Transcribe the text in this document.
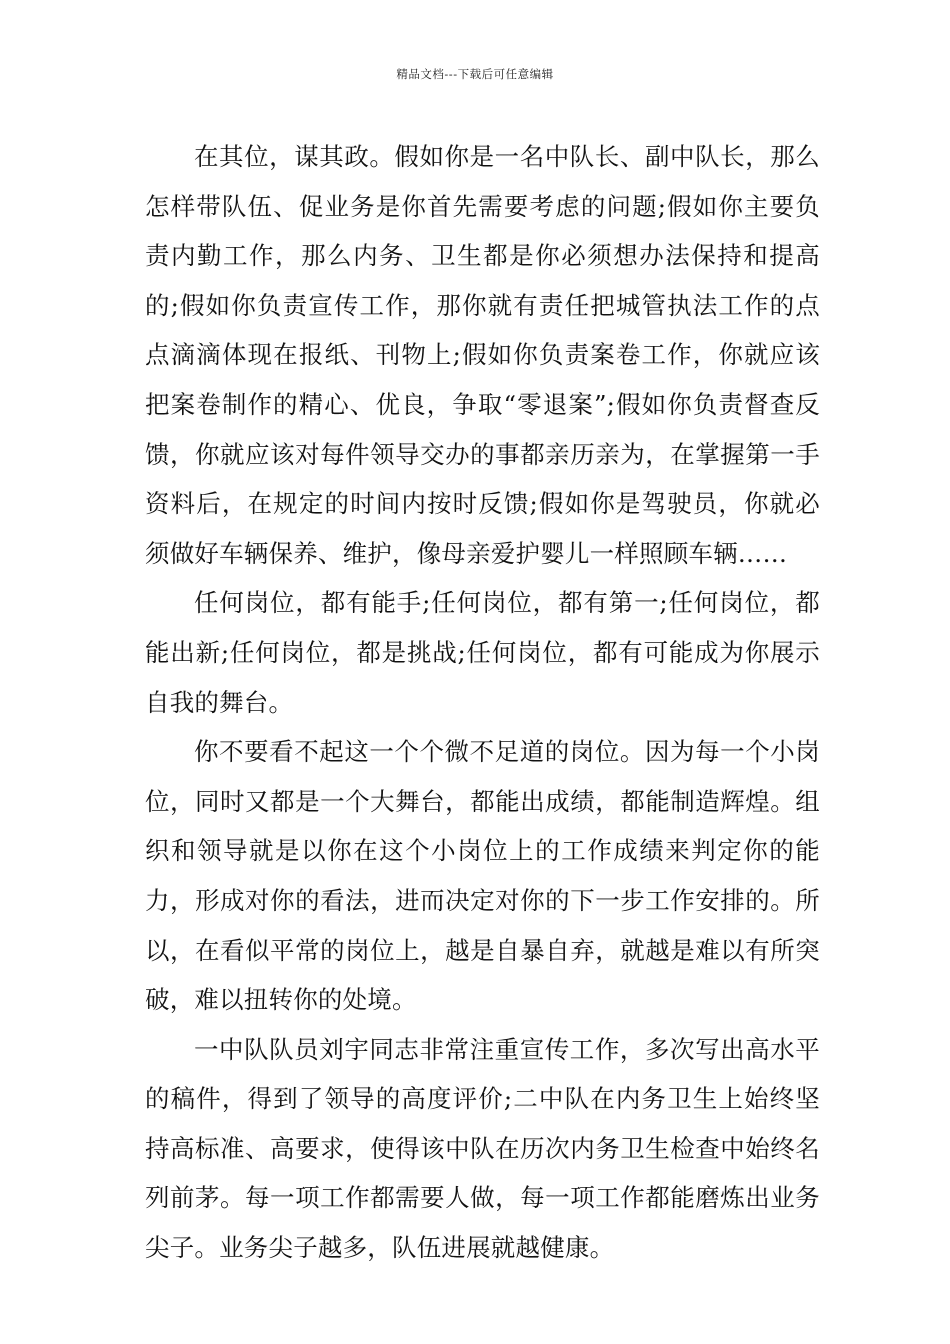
精品文档---下载后可任意编辑

在其位，谋其政。假如你是一名中队长、副中队长，那么怎样带队伍、促业务是你首先需要考虑的问题;假如你主要负责内勤工作，那么内务、卫生都是你必须想办法保持和提高的;假如你负责宣传工作，那你就有责任把城管执法工作的点点滴滴体现在报纸、刊物上;假如你负责案卷工作，你就应该把案卷制作的精心、优良，争取“零退案”;假如你负责督查反馈，你就应该对每件领导交办的事都亲历亲为，在掌握第一手资料后，在规定的时间内按时反馈;假如你是驾驶员，你就必须做好车辆保养、维护，像母亲爱护婴儿一样照顾车辆……

任何岗位，都有能手;任何岗位，都有第一;任何岗位，都能出新;任何岗位，都是挑战;任何岗位，都有可能成为你展示自我的舞台。

你不要看不起这一个个微不足道的岗位。因为每一个小岗位，同时又都是一个大舞台，都能出成绩，都能制造辉煌。组织和领导就是以你在这个小岗位上的工作成绩来判定你的能力，形成对你的看法，进而决定对你的下一步工作安排的。所以，在看似平常的岗位上，越是自暴自弃，就越是难以有所突破，难以扭转你的处境。

一中队队员刘宇同志非常注重宣传工作，多次写出高水平的稿件，得到了领导的高度评价;二中队在内务卫生上始终坚持高标准、高要求，使得该中队在历次内务卫生检查中始终名列前茅。每一项工作都需要人做，每一项工作都能磨炼出业务尖子。业务尖子越多，队伍进展就越健康。
